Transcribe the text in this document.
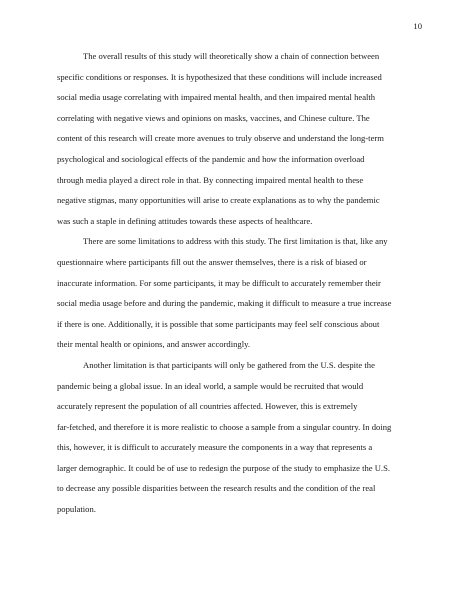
10

The overall results of this study will theoretically show a chain of connection between
specific conditions or responses. It is hypothesized that these conditions will include increased
social media usage correlating with impaired mental health, and then impaired mental health
correlating with negative views and opinions on masks, vaccines, and Chinese culture. The
content of this research will create more avenues to truly observe and understand the long-term
psychological and sociological effects of the pandemic and how the information overload
through media played a direct role in that. By connecting impaired mental health to these
negative stigmas, many opportunities will arise to create explanations as to why the pandemic
was such a staple in defining attitudes towards these aspects of healthcare.

There are some limitations to address with this study. The first limitation is that, like any
questionnaire where participants fill out the answer themselves, there is a risk of biased or
inaccurate information. For some participants, it may be difficult to accurately remember their
social media usage before and during the pandemic, making it difficult to measure a true increase
if there is one. Additionally, it is possible that some participants may feel self conscious about
their mental health or opinions, and answer accordingly.

Another limitation is that participants will only be gathered from the U.S. despite the
pandemic being a global issue. In an ideal world, a sample would be recruited that would
accurately represent the population of all countries affected. However, this is extremely
far-fetched, and therefore it is more realistic to choose a sample from a singular country. In doing
this, however, it is difficult to accurately measure the components in a way that represents a
larger demographic. It could be of use to redesign the purpose of the study to emphasize the U.S.
to decrease any possible disparities between the research results and the condition of the real
population.
